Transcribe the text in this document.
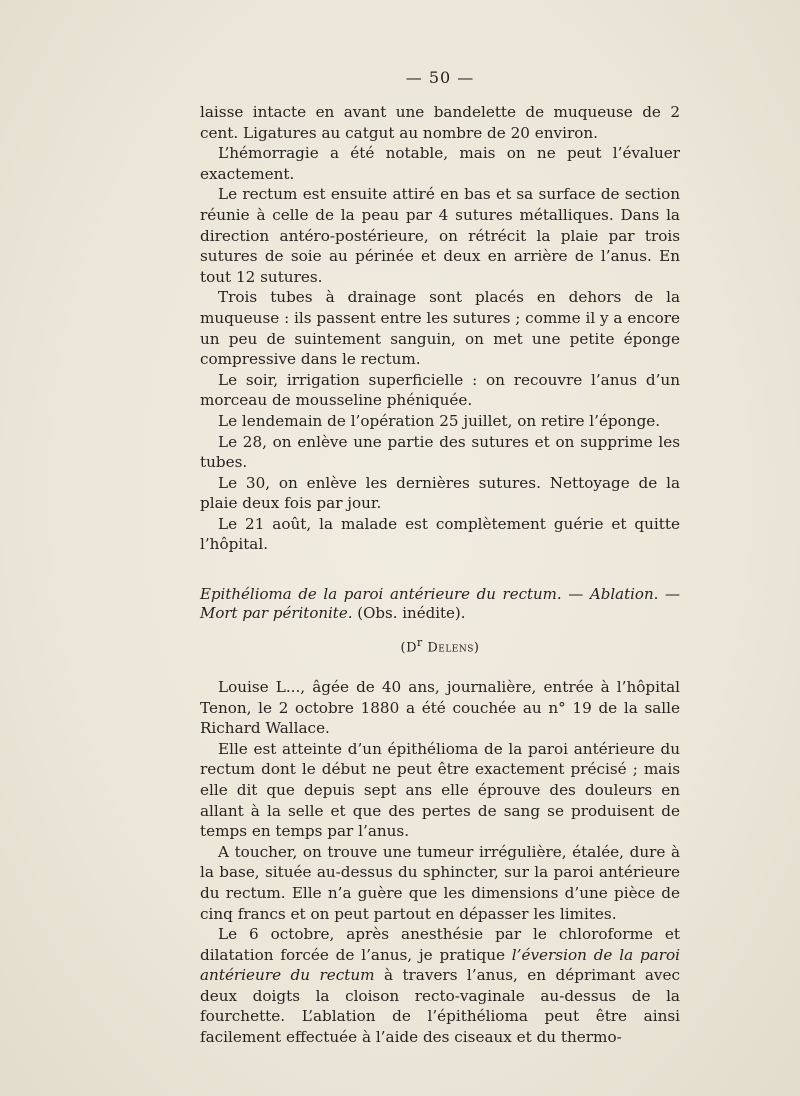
— 50 —

laisse intacte en avant une bandelette de muqueuse de 2 cent. Ligatures au catgut au nombre de 20 environ.

L’hémorragie a été notable, mais on ne peut l’évaluer exactement.

Le rectum est ensuite attiré en bas et sa surface de section réunie à celle de la peau par 4 sutures métalliques. Dans la direction antéro-postérieure, on rétrécit la plaie par trois sutures de soie au périnée et deux en arrière de l’anus. En tout 12 sutures.

Trois tubes à drainage sont placés en dehors de la muqueuse : ils passent entre les sutures ; comme il y a encore un peu de suintement sanguin, on met une petite éponge compressive dans le rectum.

Le soir, irrigation superficielle : on recouvre l’anus d’un morceau de mousseline phéniquée.

Le lendemain de l’opération 25 juillet, on retire l’éponge.

Le 28, on enlève une partie des sutures et on supprime les tubes.

Le 30, on enlève les dernières sutures. Nettoyage de la plaie deux fois par jour.

Le 21 août, la malade est complètement guérie et quitte l’hôpital.

Epithélioma de la paroi antérieure du rectum. — Ablation. — Mort par péritonite. (Obs. inédite).

($D^r$ Delens)

Louise L..., âgée de 40 ans, journalière, entrée à l’hôpital Tenon, le 2 octobre 1880 a été couchée au n° 19 de la salle Richard Wallace.

Elle est atteinte d’un épithélioma de la paroi antérieure du rectum dont le début ne peut être exactement précisé ; mais elle dit que depuis sept ans elle éprouve des douleurs en allant à la selle et que des pertes de sang se produisent de temps en temps par l’anus.

A toucher, on trouve une tumeur irrégulière, étalée, dure à la base, située au-dessus du sphincter, sur la paroi antérieure du rectum. Elle n’a guère que les dimensions d’une pièce de cinq francs et on peut partout en dépasser les limites.

Le 6 octobre, après anesthésie par le chloroforme et dilatation forcée de l’anus, je pratique l’éversion de la paroi antérieure du rectum à travers l’anus, en déprimant avec deux doigts la cloison recto-vaginale au-dessus de la fourchette. L’ablation de l’épithélioma peut être ainsi facilement effectuée à l’aide des ciseaux et du thermo-
